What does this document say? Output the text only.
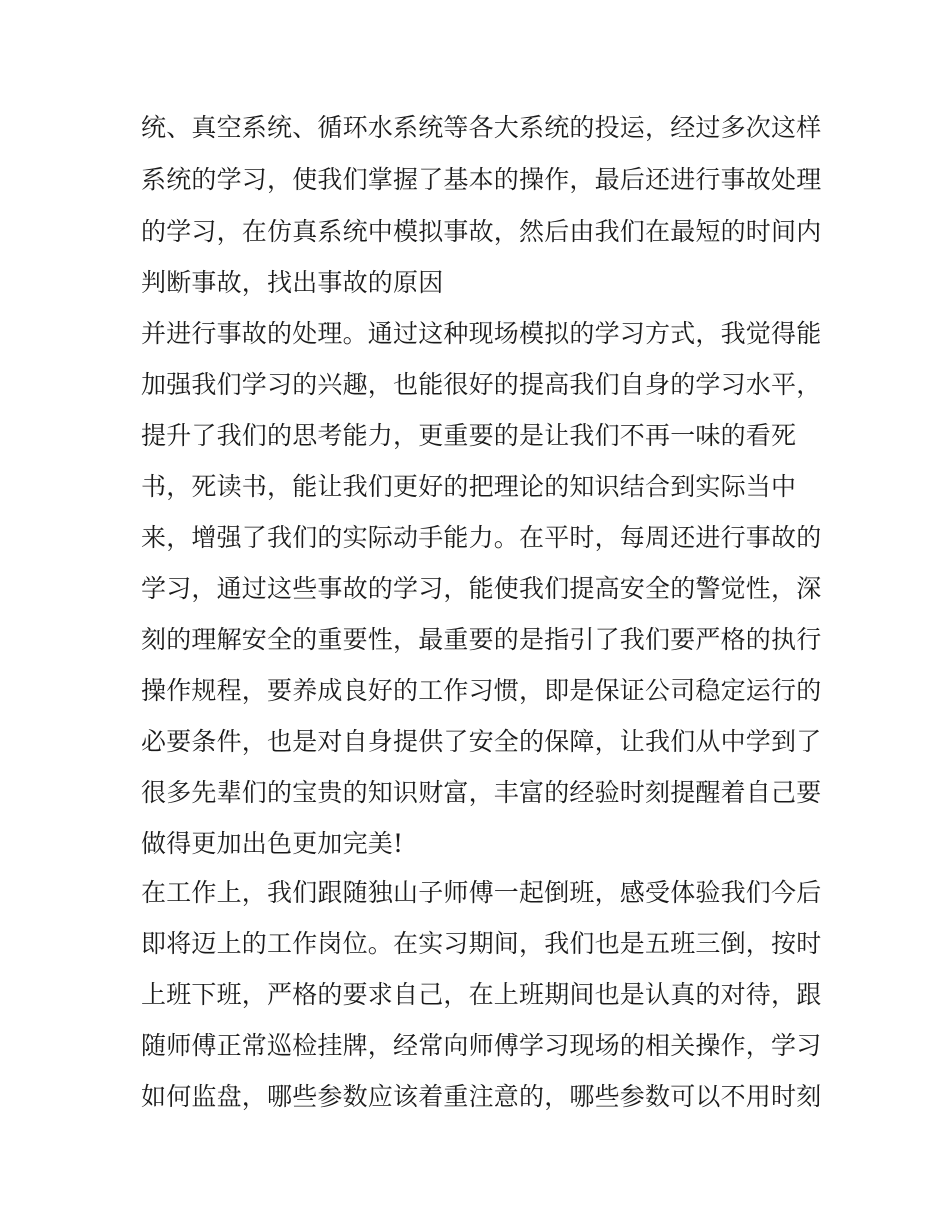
统、真空系统、循环水系统等各大系统的投运，经过多次这样
系统的学习，使我们掌握了基本的操作，最后还进行事故处理
的学习，在仿真系统中模拟事故，然后由我们在最短的时间内
判断事故，找出事故的原因
并进行事故的处理。通过这种现场模拟的学习方式，我觉得能
加强我们学习的兴趣，也能很好的提高我们自身的学习水平，
提升了我们的思考能力，更重要的是让我们不再一味的看死
书，死读书，能让我们更好的把理论的知识结合到实际当中
来，增强了我们的实际动手能力。在平时，每周还进行事故的
学习，通过这些事故的学习，能使我们提高安全的警觉性，深
刻的理解安全的重要性，最重要的是指引了我们要严格的执行
操作规程，要养成良好的工作习惯，即是保证公司稳定运行的
必要条件，也是对自身提供了安全的保障，让我们从中学到了
很多先辈们的宝贵的知识财富，丰富的经验时刻提醒着自己要
做得更加出色更加完美!
在工作上，我们跟随独山子师傅一起倒班，感受体验我们今后
即将迈上的工作岗位。在实习期间，我们也是五班三倒，按时
上班下班，严格的要求自己，在上班期间也是认真的对待，跟
随师傅正常巡检挂牌，经常向师傅学习现场的相关操作，学习
如何监盘，哪些参数应该着重注意的，哪些参数可以不用时刻
